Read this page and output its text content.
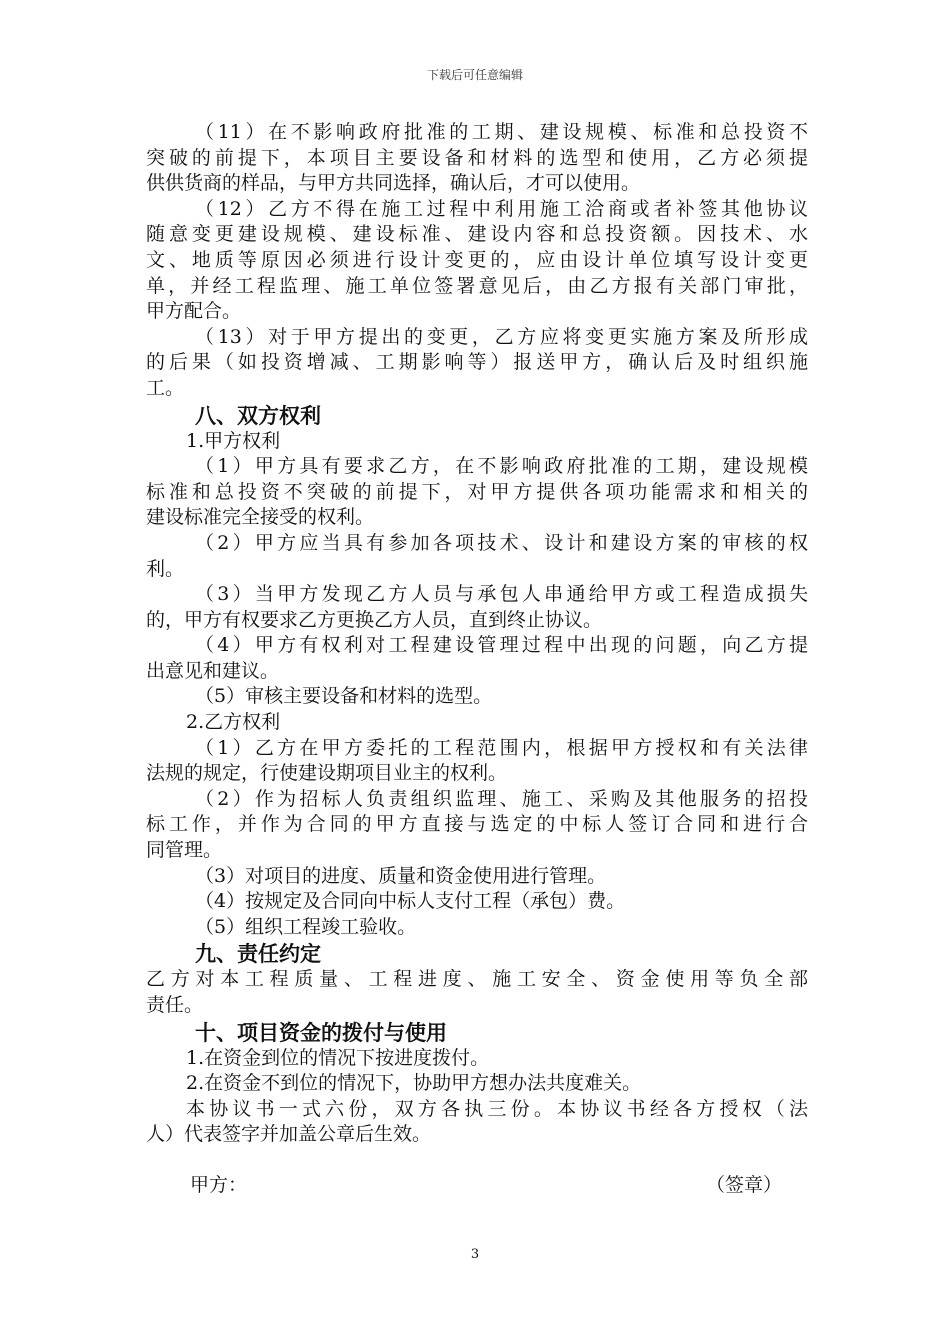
下载后可任意编辑
（11）在不影响政府批准的工期、建设规模、标准和总投资不
突破的前提下，本项目主要设备和材料的选型和使用，乙方必须提
供供货商的样品，与甲方共同选择，确认后，才可以使用。
（12）乙方不得在施工过程中利用施工洽商或者补签其他协议
随意变更建设规模、建设标准、建设内容和总投资额。因技术、水
文、地质等原因必须进行设计变更的，应由设计单位填写设计变更
单，并经工程监理、施工单位签署意见后，由乙方报有关部门审批，
甲方配合。
（13）对于甲方提出的变更，乙方应将变更实施方案及所形成
的后果（如投资增减、工期影响等）报送甲方，确认后及时组织施
工。
八、双方权利
1.甲方权利
（1）甲方具有要求乙方，在不影响政府批准的工期，建设规模
标准和总投资不突破的前提下，对甲方提供各项功能需求和相关的
建设标准完全接受的权利。
（2）甲方应当具有参加各项技术、设计和建设方案的审核的权
利。
（3）当甲方发现乙方人员与承包人串通给甲方或工程造成损失
的，甲方有权要求乙方更换乙方人员，直到终止协议。
（4）甲方有权利对工程建设管理过程中出现的问题，向乙方提
出意见和建议。
（5）审核主要设备和材料的选型。
2.乙方权利
（1）乙方在甲方委托的工程范围内，根据甲方授权和有关法律
法规的规定，行使建设期项目业主的权利。
（2）作为招标人负责组织监理、施工、采购及其他服务的招投
标工作，并作为合同的甲方直接与选定的中标人签订合同和进行合
同管理。
（3）对项目的进度、质量和资金使用进行管理。
（4）按规定及合同向中标人支付工程（承包）费。
（5）组织工程竣工验收。
九、责任约定
乙方对本工程质量、工程进度、施工安全、资金使用等负全部
责任。
十、项目资金的拨付与使用
1.在资金到位的情况下按进度拨付。
2.在资金不到位的情况下，协助甲方想办法共度难关。
本协议书一式六份，双方各执三份。本协议书经各方授权（法
人）代表签字并加盖公章后生效。
甲方：	（签章）
3
